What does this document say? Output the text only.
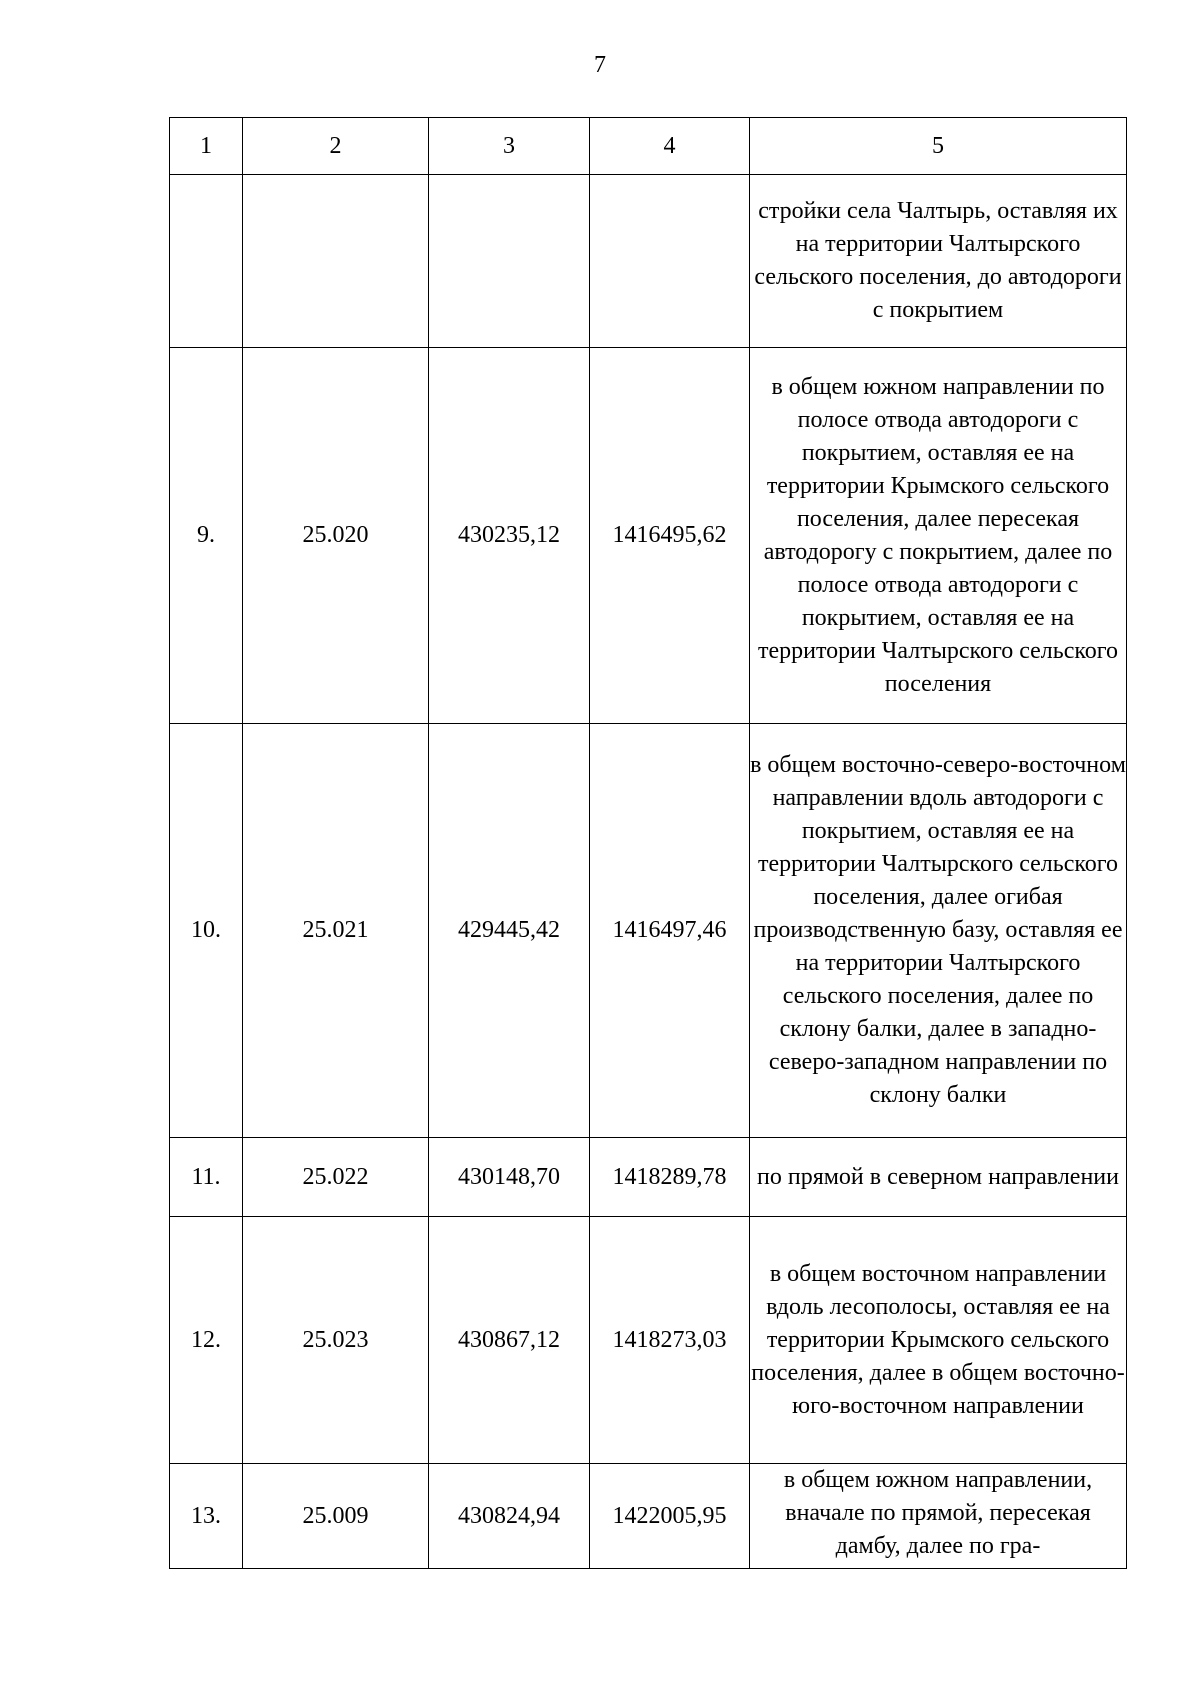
7
1	2	3	4	5
				стройки села Чалтырь, оставляя их на территории Чалтырского сельского поселения, до автодороги с покрытием
9.	25.020	430235,12	1416495,62	в общем южном направлении по полосе отвода автодороги с покрытием, оставляя ее на территории Крымского сельского поселения, далее пересекая автодорогу с покрытием, далее по полосе отвода автодороги с покрытием, оставляя ее на территории Чалтырского сельского поселения
10.	25.021	429445,42	1416497,46	в общем восточно-северо-восточном направлении вдоль автодороги с покрытием, оставляя ее на территории Чалтырского сельского поселения, далее огибая производственную базу, оставляя ее на территории Чалтырского сельского поселения, далее по склону балки, далее в западно-северо-западном направлении по склону балки
11.	25.022	430148,70	1418289,78	по прямой в северном направлении
12.	25.023	430867,12	1418273,03	в общем восточном направлении вдоль лесополосы, оставляя ее на территории Крымского сельского поселения, далее в общем восточно-юго-восточном направлении
13.	25.009	430824,94	1422005,95	в общем южном направлении, вначале по прямой, пересекая дамбу, далее по гра-
